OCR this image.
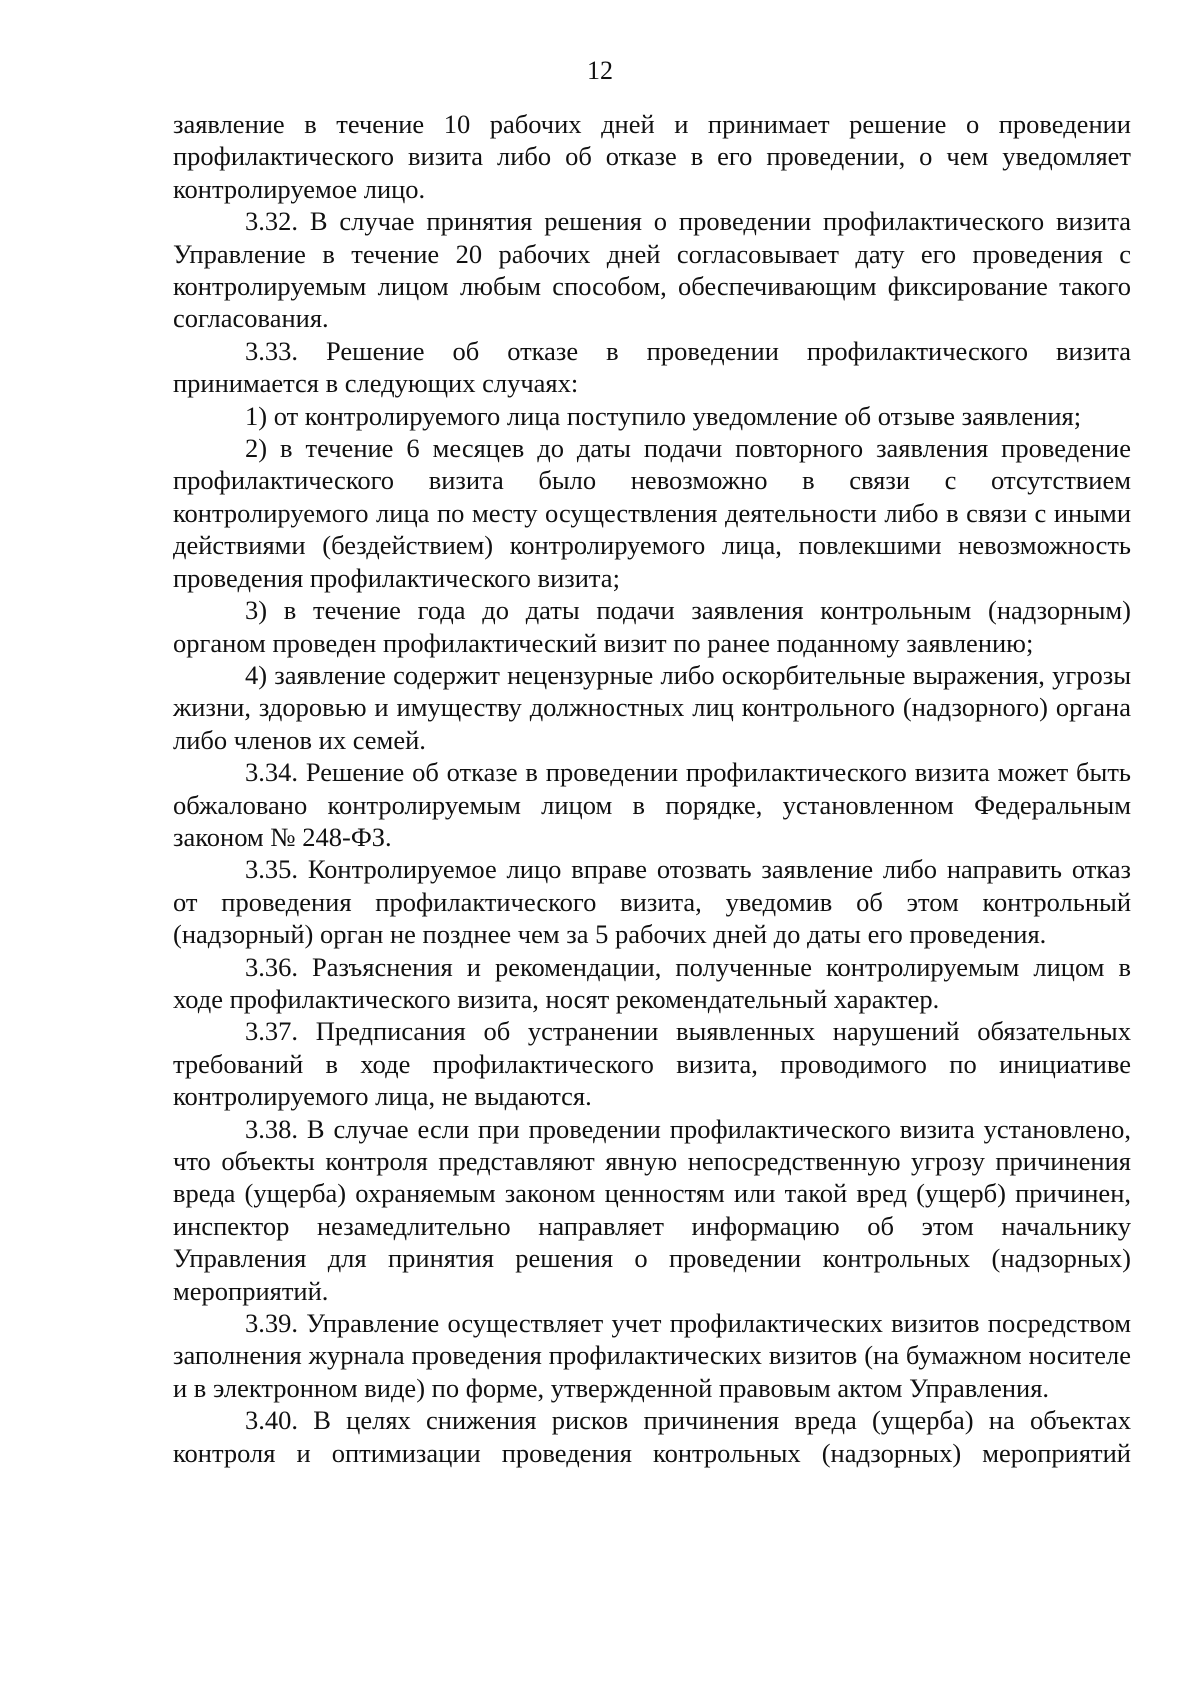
12

заявление в течение 10 рабочих дней и принимает решение о проведении профилактического визита либо об отказе в его проведении, о чем уведомляет контролируемое лицо.

3.32. В случае принятия решения о проведении профилактического визита Управление в течение 20 рабочих дней согласовывает дату его проведения с контролируемым лицом любым способом, обеспечивающим фиксирование такого согласования.

3.33. Решение об отказе в проведении профилактического визита принимается в следующих случаях:

1) от контролируемого лица поступило уведомление об отзыве заявления;

2) в течение 6 месяцев до даты подачи повторного заявления проведение профилактического визита было невозможно в связи с отсутствием контролируемого лица по месту осуществления деятельности либо в связи с иными действиями (бездействием) контролируемого лица, повлекшими невозможность проведения профилактического визита;

3) в течение года до даты подачи заявления контрольным (надзорным) органом проведен профилактический визит по ранее поданному заявлению;

4) заявление содержит нецензурные либо оскорбительные выражения, угрозы жизни, здоровью и имуществу должностных лиц контрольного (надзорного) органа либо членов их семей.

3.34. Решение об отказе в проведении профилактического визита может быть обжаловано контролируемым лицом в порядке, установленном Федеральным законом № 248-ФЗ.

3.35. Контролируемое лицо вправе отозвать заявление либо направить отказ от проведения профилактического визита, уведомив об этом контрольный (надзорный) орган не позднее чем за 5 рабочих дней до даты его проведения.

3.36. Разъяснения и рекомендации, полученные контролируемым лицом в ходе профилактического визита, носят рекомендательный характер.

3.37. Предписания об устранении выявленных нарушений обязательных требований в ходе профилактического визита, проводимого по инициативе контролируемого лица, не выдаются.

3.38. В случае если при проведении профилактического визита установлено, что объекты контроля представляют явную непосредственную угрозу причинения вреда (ущерба) охраняемым законом ценностям или такой вред (ущерб) причинен, инспектор незамедлительно направляет информацию об этом начальнику Управления для принятия решения о проведении контрольных (надзорных) мероприятий.

3.39. Управление осуществляет учет профилактических визитов посредством заполнения журнала проведения профилактических визитов (на бумажном носителе и в электронном виде) по форме, утвержденной правовым актом Управления.

3.40. В целях снижения рисков причинения вреда (ущерба) на объектах контроля и оптимизации проведения контрольных (надзорных) мероприятий
